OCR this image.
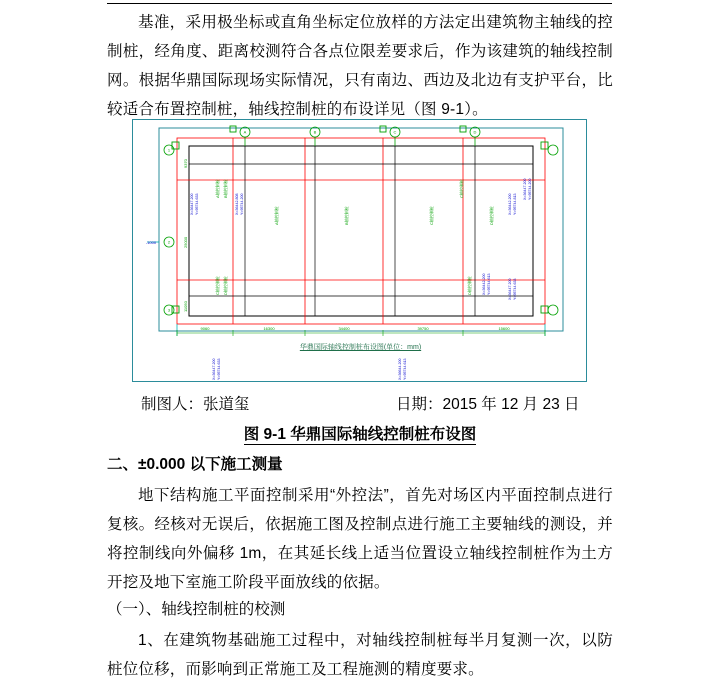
基准，采用极坐标或直角坐标定位放样的方法定出建筑物主轴线的控制桩，经角度、距离校测符合各点位限差要求后，作为该建筑的轴线控制网。根据华鼎国际现场实际情况，只有南边、西边及北边有支护平台，比较适合布置控制桩，轴线控制桩的布设详见（图 9-1）。
A	B	C	D
1
2
3
-1000
X=36447.200 Y=95744.633	X=36442.808 Y=95744.200	X=36442.200 Y=95744.813
X=36447.200 Y=95744.200
X=36442.200 Y=95744.613	X=36447.200 Y=95744.633
A轴控制桩 B轴控制桩
A轴控制桩	B轴控制桩	C轴控制桩	D轴控制桩
C轴控制桩 D轴控制桩
C轴控制桩
D轴控制桩
9060	16300	34400	39750	15600
9370
25000
11050
X=36447.200 Y=95744.633	X=36644.200 Y=95744.613
华鼎国际轴线控制桩布设图(单位：mm)
制图人：张道玺	日期：2015 年 12 月 23 日
图 9-1 华鼎国际轴线控制桩布设图
二、±0.000 以下施工测量
地下结构施工平面控制采用“外控法”，首先对场区内平面控制点进行复核。经核对无误后，依据施工图及控制点进行施工主要轴线的测设，并将控制线向外偏移 1m，在其延长线上适当位置设立轴线控制桩作为土方开挖及地下室施工阶段平面放线的依据。
（一）、轴线控制桩的校测
1、在建筑物基础施工过程中，对轴线控制桩每半月复测一次，以防桩位位移，而影响到正常施工及工程施测的精度要求。
